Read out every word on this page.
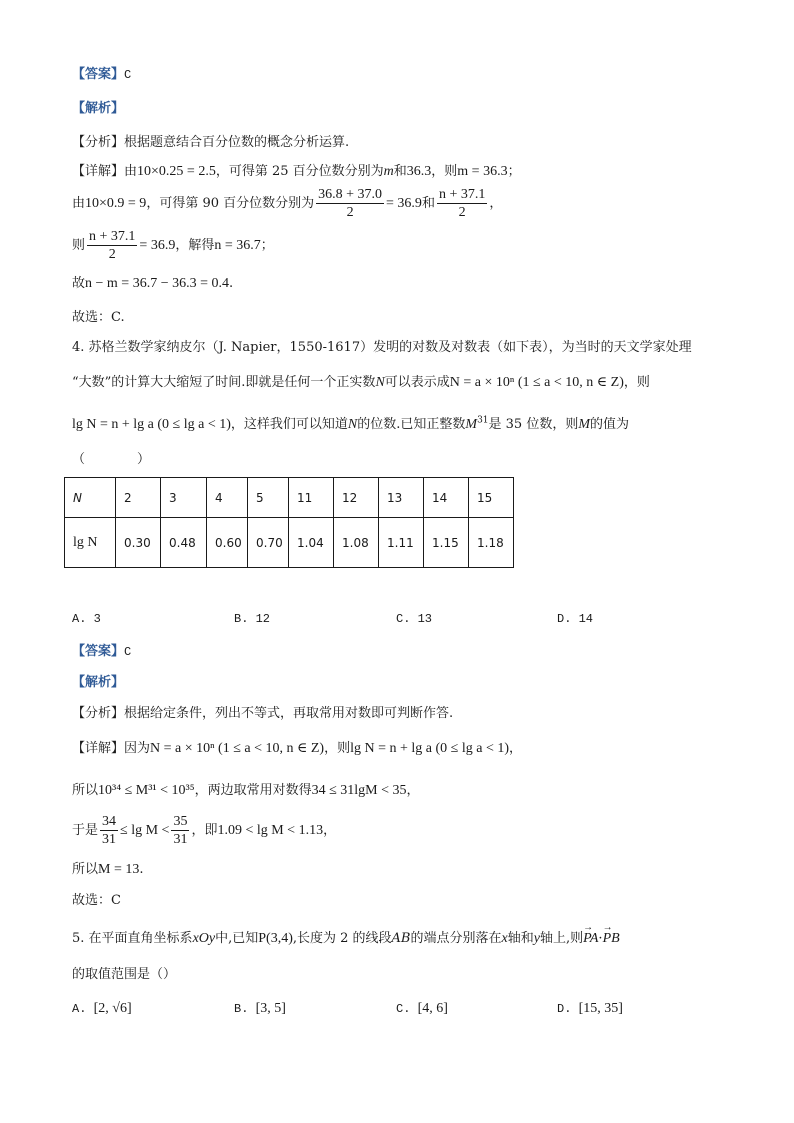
【答案】C
【解析】
【分析】根据题意结合百分位数的概念分析运算.
【详解】由10×0.25 = 2.5，可得第 25 百分位数分别为m和36.3，则m = 36.3；
由10×0.9 = 9，可得第 90 百分位数分别为 $\frac{36.8 + 37.0}{2} = 36.9$和 $\frac{n + 37.1}{2}$ ，
则 $\frac{n + 37.1}{2} = 36.9$，解得n = 36.7；
故n − m = 36.7 − 36.3 = 0.4.
故选：C.
4. 苏格兰数学家纳皮尔（J. Napier，1550-1617）发明的对数及对数表（如下表），为当时的天文学家处理
“大数”的计算大大缩短了时间.即就是任何一个正实数N可以表示成N = a × 10ⁿ (1 ≤ a < 10, n ∈ Z)，则
lg N = n + lg a (0 ≤ lg a < 1)，这样我们可以知道N的位数.已知正整数$M^{31}$是 35 位数，则M的值为
（　　　　）
N	2	3	4	5	11	12	13	14	15
lg N	0.30	0.48	0.60	0.70	1.04	1.08	1.11	1.15	1.18
A. 3	B. 12	C. 13	D. 14
【答案】C
【解析】
【分析】根据给定条件，列出不等式，再取常用对数即可判断作答.
【详解】因为N = a × 10ⁿ (1 ≤ a < 10, n ∈ Z)，则lg N = n + lg a (0 ≤ lg a < 1)，
所以10³⁴ ≤ M³¹ < 10³⁵，两边取常用对数得34 ≤ 31lgM < 35，
于是 $\frac{34}{31} \le \lg M < \frac{35}{31}$ ，即1.09 < lg M < 1.13，
所以M = 13.
故选：C
5. 在平面直角坐标系xOy中,已知P(3,4),长度为 2 的线段AB的端点分别落在x轴和y轴上,则→ PA·→ PB
的取值范围是（）
A. [2, √6]	B. [3, 5]	C. [4, 6]	D. [15, 35]
